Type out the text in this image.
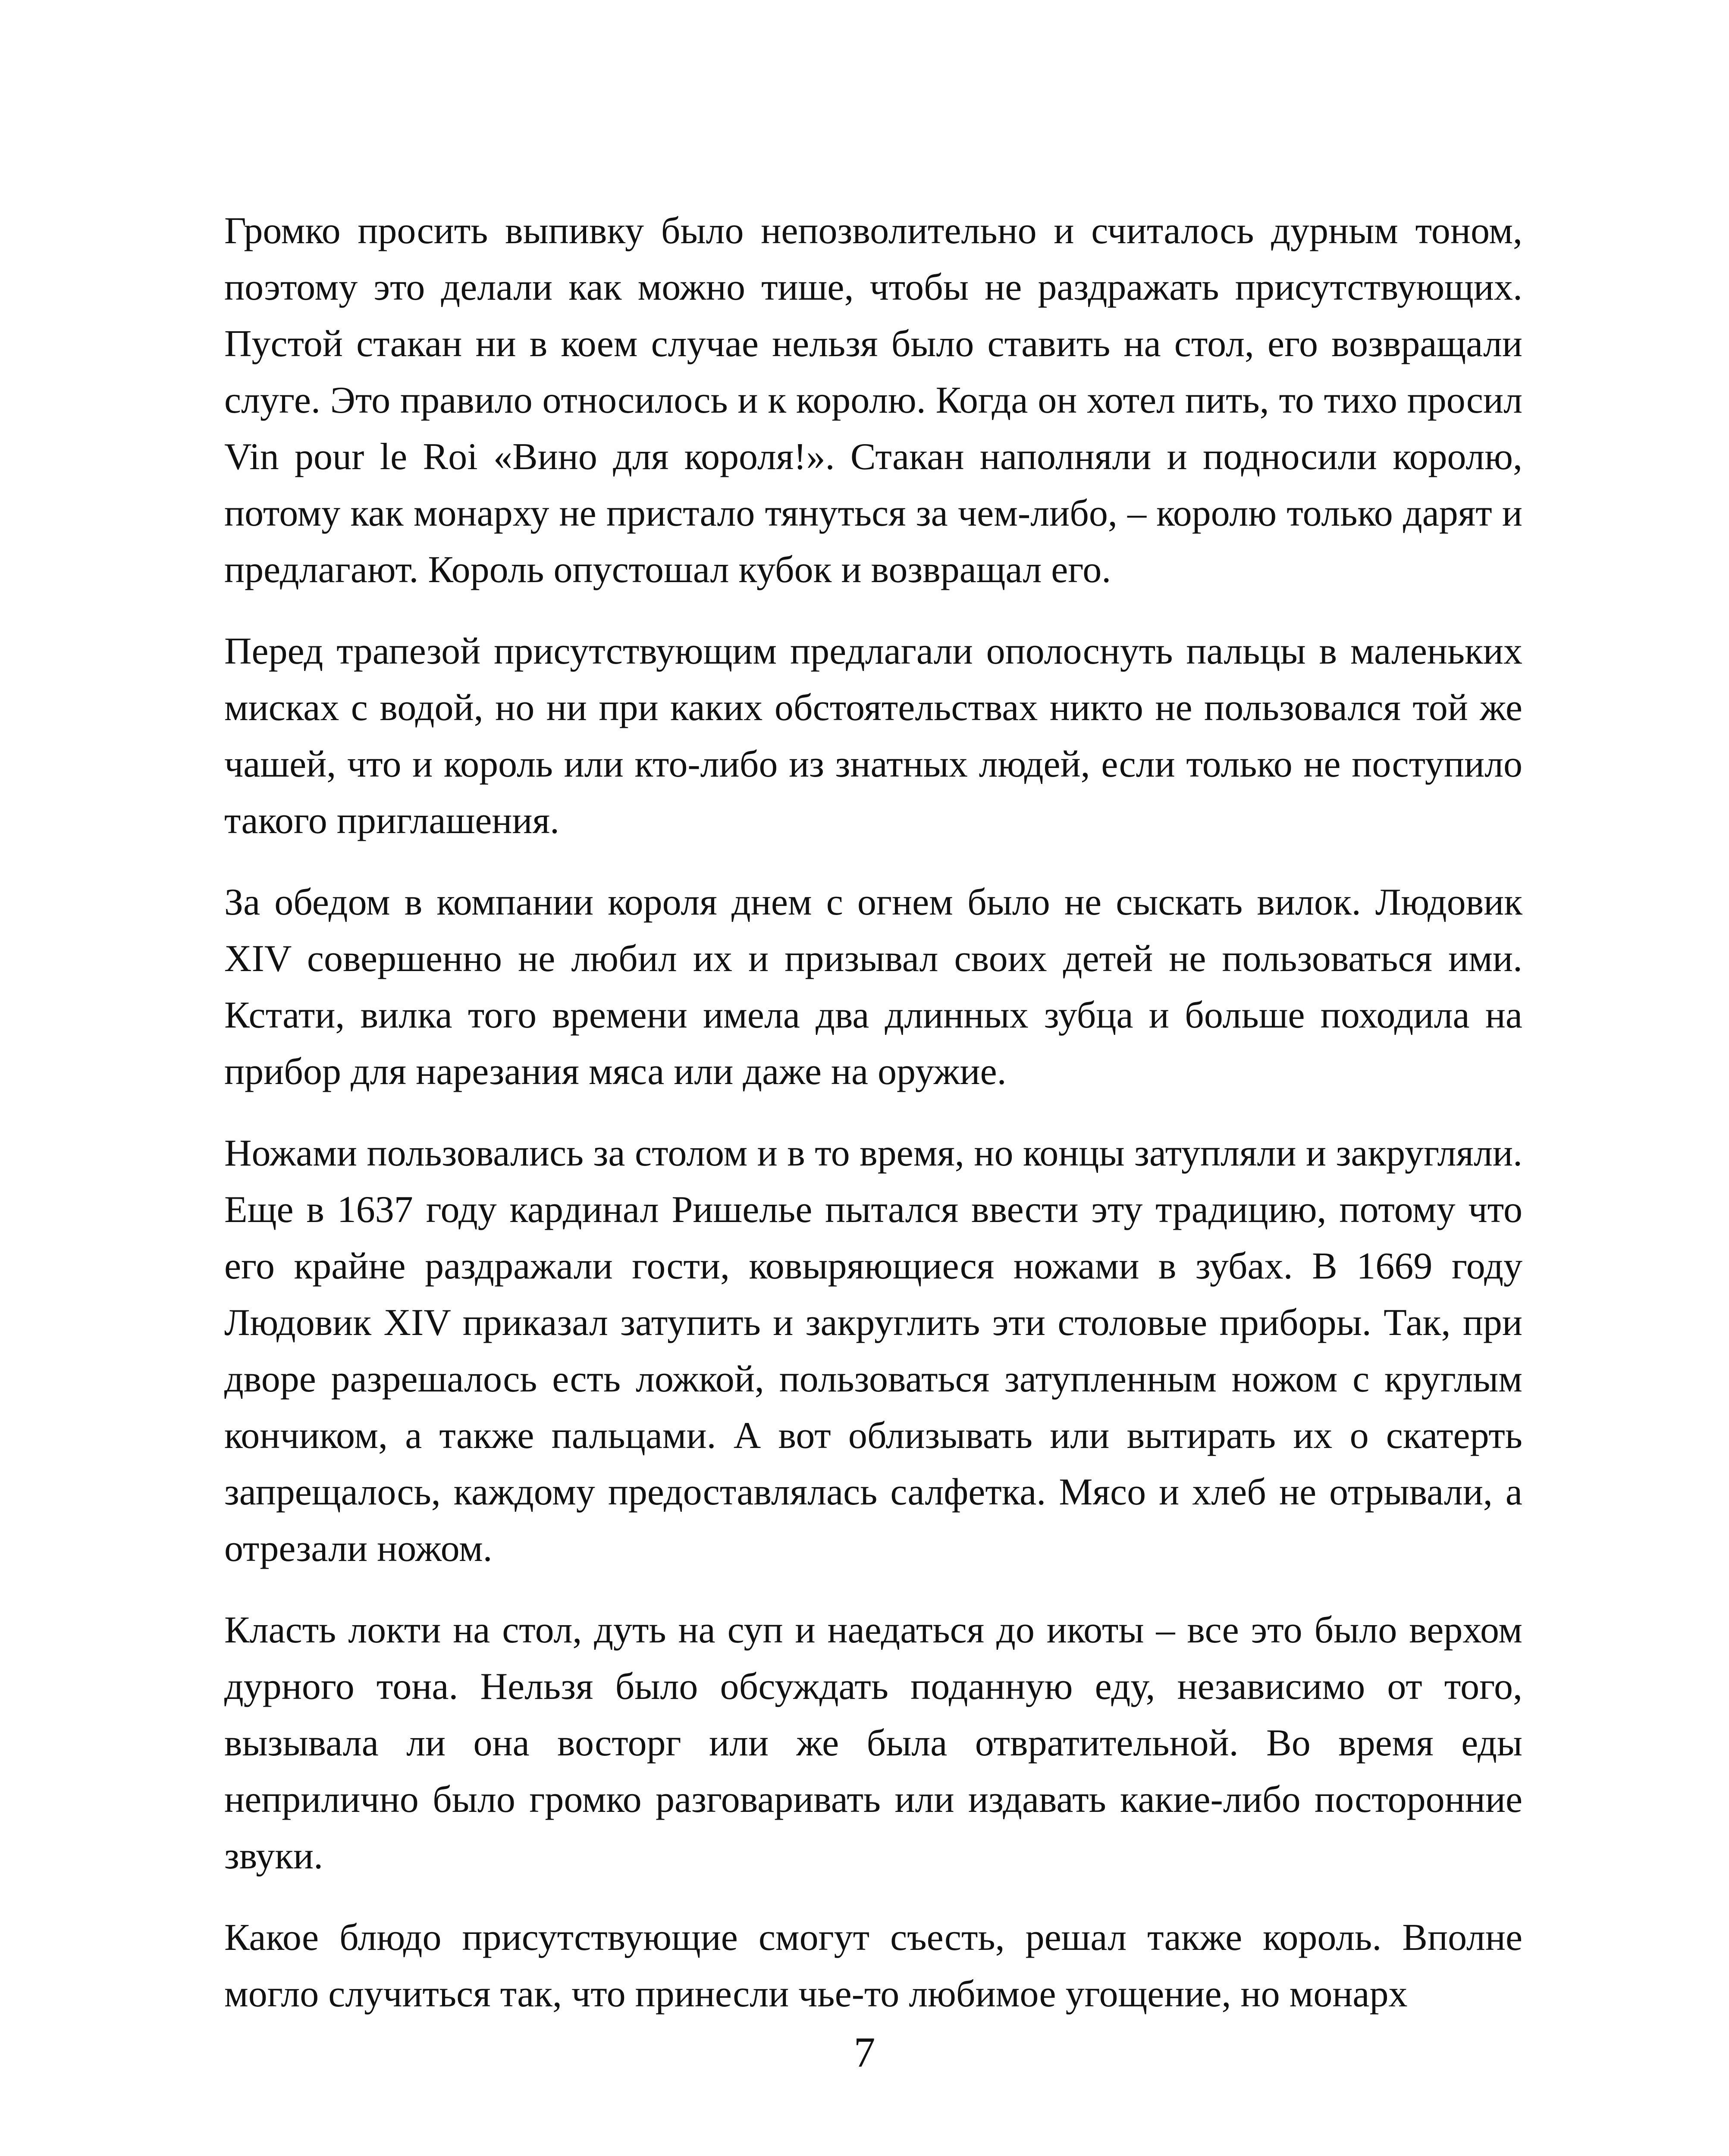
Громко просить выпивку было непозволительно и считалось дурным тоном, поэтому это делали как можно тише, чтобы не раздражать присутствующих. Пустой стакан ни в коем случае нельзя было ставить на стол, его возвращали слуге. Это правило относилось и к королю. Когда он хотел пить, то тихо просил Vin pour le Roi «Вино для короля!». Стакан наполняли и подносили королю, потому как монарху не пристало тянуться за чем-либо, – королю только дарят и предлагают. Король опустошал кубок и возвращал его.

Перед трапезой присутствующим предлагали ополоснуть пальцы в маленьких мисках с водой, но ни при каких обстоятельствах никто не пользовался той же чашей, что и король или кто-либо из знатных людей, если только не поступило такого приглашения.

За обедом в компании короля днем с огнем было не сыскать вилок. Людовик XIV совершенно не любил их и призывал своих детей не пользоваться ими. Кстати, вилка того времени имела два длинных зубца и больше походила на прибор для нарезания мяса или даже на оружие.

Ножами пользовались за столом и в то время, но концы затупляли и закругляли. Еще в 1637 году кардинал Ришелье пытался ввести эту традицию, потому что его крайне раздражали гости, ковыряющиеся ножами в зубах. В 1669 году Людовик XIV приказал затупить и закруглить эти столовые приборы. Так, при дворе разрешалось есть ложкой, пользоваться затупленным ножом с круглым кончиком, а также пальцами. А вот облизывать или вытирать их о скатерть запрещалось, каждому предоставлялась салфетка. Мясо и хлеб не отрывали, а отрезали ножом.

Класть локти на стол, дуть на суп и наедаться до икоты – все это было верхом дурного тона. Нельзя было обсуждать поданную еду, независимо от того, вызывала ли она восторг или же была отвратительной. Во время еды неприлично было громко разговаривать или издавать какие-либо посторонние звуки.

Какое блюдо присутствующие смогут съесть, решал также король. Вполне могло случиться так, что принесли чье-то любимое угощение, но монарх

7
